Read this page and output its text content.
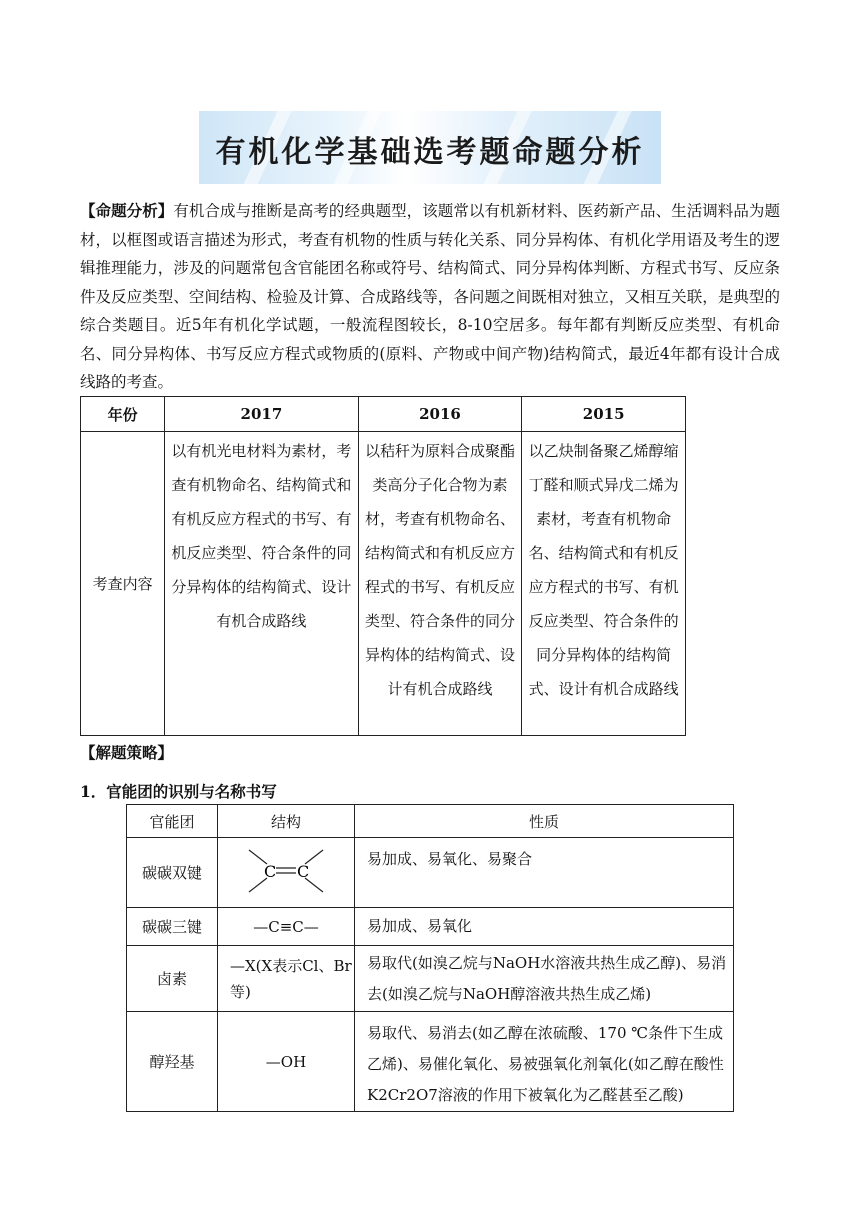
有机化学基础选考题命题分析
【命题分析】有机合成与推断是高考的经典题型，该题常以有机新材料、医药新产品、生活调料品为题材，以框图或语言描述为形式，考查有机物的性质与转化关系、同分异构体、有机化学用语及考生的逻辑推理能力，涉及的问题常包含官能团名称或符号、结构简式、同分异构体判断、方程式书写、反应条件及反应类型、空间结构、检验及计算、合成路线等，各问题之间既相对独立，又相互关联，是典型的综合类题目。近5年有机化学试题，一般流程图较长，8-10空居多。每年都有判断反应类型、有机命名、同分异构体、书写反应方程式或物质的(原料、产物或中间产物)结构简式，最近4年都有设计合成线路的考查。
年份	2017	2016	2015
考查内容	以有机光电材料为素材，考查有机物命名、结构简式和有机反应方程式的书写、有机反应类型、符合条件的同分异构体的结构简式、设计有机合成路线	以秸秆为原料合成聚酯类高分子化合物为素材，考查有机物命名、结构简式和有机反应方程式的书写、有机反应类型、符合条件的同分异构体的结构简式、设计有机合成路线	以乙炔制备聚乙烯醇缩丁醛和顺式异戊二烯为素材，考查有机物命名、结构简式和有机反应方程式的书写、有机反应类型、符合条件的同分异构体的结构简式、设计有机合成路线
【解题策略】
1．官能团的识别与名称书写
官能团	结构	性质
碳碳双键	C C	易加成、易氧化、易聚合
碳碳三键	—C≡C—	易加成、易氧化
卤素	—X(X表示Cl、Br等)	易取代(如溴乙烷与NaOH水溶液共热生成乙醇)、易消去(如溴乙烷与NaOH醇溶液共热生成乙烯)
醇羟基	—OH	易取代、易消去(如乙醇在浓硫酸、170 ℃条件下生成乙烯)、易催化氧化、易被强氧化剂氧化(如乙醇在酸性K2Cr2O7溶液的作用下被氧化为乙醛甚至乙酸)
